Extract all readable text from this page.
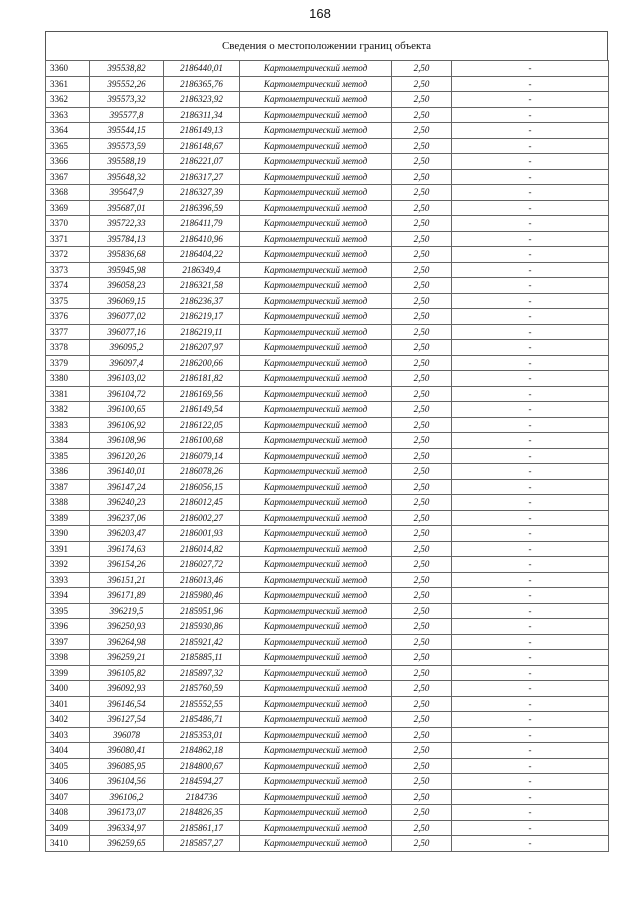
168
Сведения о местоположении границ объекта
3360	395538,82	2186440,01	Картометрический метод	2,50	-
3361	395552,26	2186365,76	Картометрический метод	2,50	-
3362	395573,32	2186323,92	Картометрический метод	2,50	-
3363	395577,8	2186311,34	Картометрический метод	2,50	-
3364	395544,15	2186149,13	Картометрический метод	2,50	-
3365	395573,59	2186148,67	Картометрический метод	2,50	-
3366	395588,19	2186221,07	Картометрический метод	2,50	-
3367	395648,32	2186317,27	Картометрический метод	2,50	-
3368	395647,9	2186327,39	Картометрический метод	2,50	-
3369	395687,01	2186396,59	Картометрический метод	2,50	-
3370	395722,33	2186411,79	Картометрический метод	2,50	-
3371	395784,13	2186410,96	Картометрический метод	2,50	-
3372	395836,68	2186404,22	Картометрический метод	2,50	-
3373	395945,98	2186349,4	Картометрический метод	2,50	-
3374	396058,23	2186321,58	Картометрический метод	2,50	-
3375	396069,15	2186236,37	Картометрический метод	2,50	-
3376	396077,02	2186219,17	Картометрический метод	2,50	-
3377	396077,16	2186219,11	Картометрический метод	2,50	-
3378	396095,2	2186207,97	Картометрический метод	2,50	-
3379	396097,4	2186200,66	Картометрический метод	2,50	-
3380	396103,02	2186181,82	Картометрический метод	2,50	-
3381	396104,72	2186169,56	Картометрический метод	2,50	-
3382	396100,65	2186149,54	Картометрический метод	2,50	-
3383	396106,92	2186122,05	Картометрический метод	2,50	-
3384	396108,96	2186100,68	Картометрический метод	2,50	-
3385	396120,26	2186079,14	Картометрический метод	2,50	-
3386	396140,01	2186078,26	Картометрический метод	2,50	-
3387	396147,24	2186056,15	Картометрический метод	2,50	-
3388	396240,23	2186012,45	Картометрический метод	2,50	-
3389	396237,06	2186002,27	Картометрический метод	2,50	-
3390	396203,47	2186001,93	Картометрический метод	2,50	-
3391	396174,63	2186014,82	Картометрический метод	2,50	-
3392	396154,26	2186027,72	Картометрический метод	2,50	-
3393	396151,21	2186013,46	Картометрический метод	2,50	-
3394	396171,89	2185980,46	Картометрический метод	2,50	-
3395	396219,5	2185951,96	Картометрический метод	2,50	-
3396	396250,93	2185930,86	Картометрический метод	2,50	-
3397	396264,98	2185921,42	Картометрический метод	2,50	-
3398	396259,21	2185885,11	Картометрический метод	2,50	-
3399	396105,82	2185897,32	Картометрический метод	2,50	-
3400	396092,93	2185760,59	Картометрический метод	2,50	-
3401	396146,54	2185552,55	Картометрический метод	2,50	-
3402	396127,54	2185486,71	Картометрический метод	2,50	-
3403	396078	2185353,01	Картометрический метод	2,50	-
3404	396080,41	2184862,18	Картометрический метод	2,50	-
3405	396085,95	2184800,67	Картометрический метод	2,50	-
3406	396104,56	2184594,27	Картометрический метод	2,50	-
3407	396106,2	2184736	Картометрический метод	2,50	-
3408	396173,07	2184826,35	Картометрический метод	2,50	-
3409	396334,97	2185861,17	Картометрический метод	2,50	-
3410	396259,65	2185857,27	Картометрический метод	2,50	-
